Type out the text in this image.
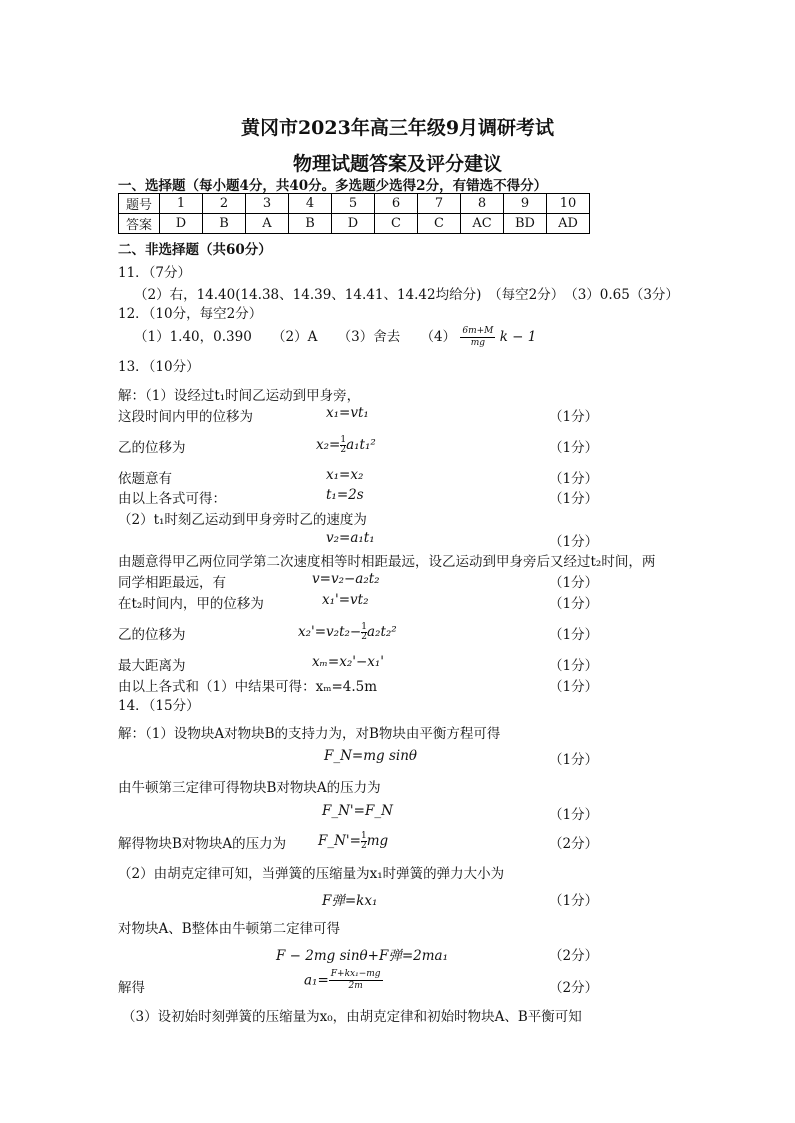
黄冈市2023年高三年级9月调研考试
物理试题答案及评分建议
一、选择题（每小题4分，共40分。多选题少选得2分，有错选不得分）
题号	1	2	3	4	5	6	7	8	9	10
答案	D	B	A	B	D	C	C	AC	BD	AD
二、非选择题（共60分）
11．（7分）
（2）右，14.40(14.38、14.39、14.41、14.42均给分)　（每空2分）　（3）0.65（3分）
12．（10分，每空2分）
（1）1.40，0.390　　（2）A　　（3）舍去　　$(4) \frac{6m+M}{mg}$ k − 1
13．（10分）
解：（1）设经过t₁时间乙运动到甲身旁，
这段时间内甲的位移为	x₁=vt₁	（1分）
乙的位移为	$x_2= \frac{1}{2} a_1t_1^2$	（1分）
依题意有	x₁=x₂	（1分）
由以上各式可得：	t₁=2s	（1分）
（2）t₁时刻乙运动到甲身旁时乙的速度为
v₂=a₁t₁	（1分）
由题意得甲乙两位同学第二次速度相等时相距最远，设乙运动到甲身旁后又经过t₂时间，两
同学相距最远，有	v=v₂−a₂t₂	（1分）
在t₂时间内，甲的位移为	x₁'=vt₂	（1分）
乙的位移为	$x_2'=v_2t_2- \frac{1}{2} a_2t_2^2$	（1分）
最大距离为	xₘ=x₂'−x₁'	（1分）
由以上各式和（1）中结果可得：xₘ=4.5m	（1分）
14．（15分）
解：（1）设物块A对物块B的支持力为，对B物块由平衡方程可得
F_N=mg sinθ	（1分）
由牛顿第三定律可得物块B对物块A的压力为
F_N'=F_N	（1分）
解得物块B对物块A的压力为 F_N'= $\frac{1}{2}$ mg	（2分）
（2）由胡克定律可知，当弹簧的压缩量为x₁时弹簧的弹力大小为
F弹=kx₁	（1分）
对物块A、B整体由牛顿第二定律可得
F − 2mg sinθ+F弹=2ma₁	（2分）
解得	$a_1= \frac{\text{F+kx₁−mg}}{2m}$	（2分）
（3）设初始时刻弹簧的压缩量为x₀，由胡克定律和初始时物块A、B平衡可知
